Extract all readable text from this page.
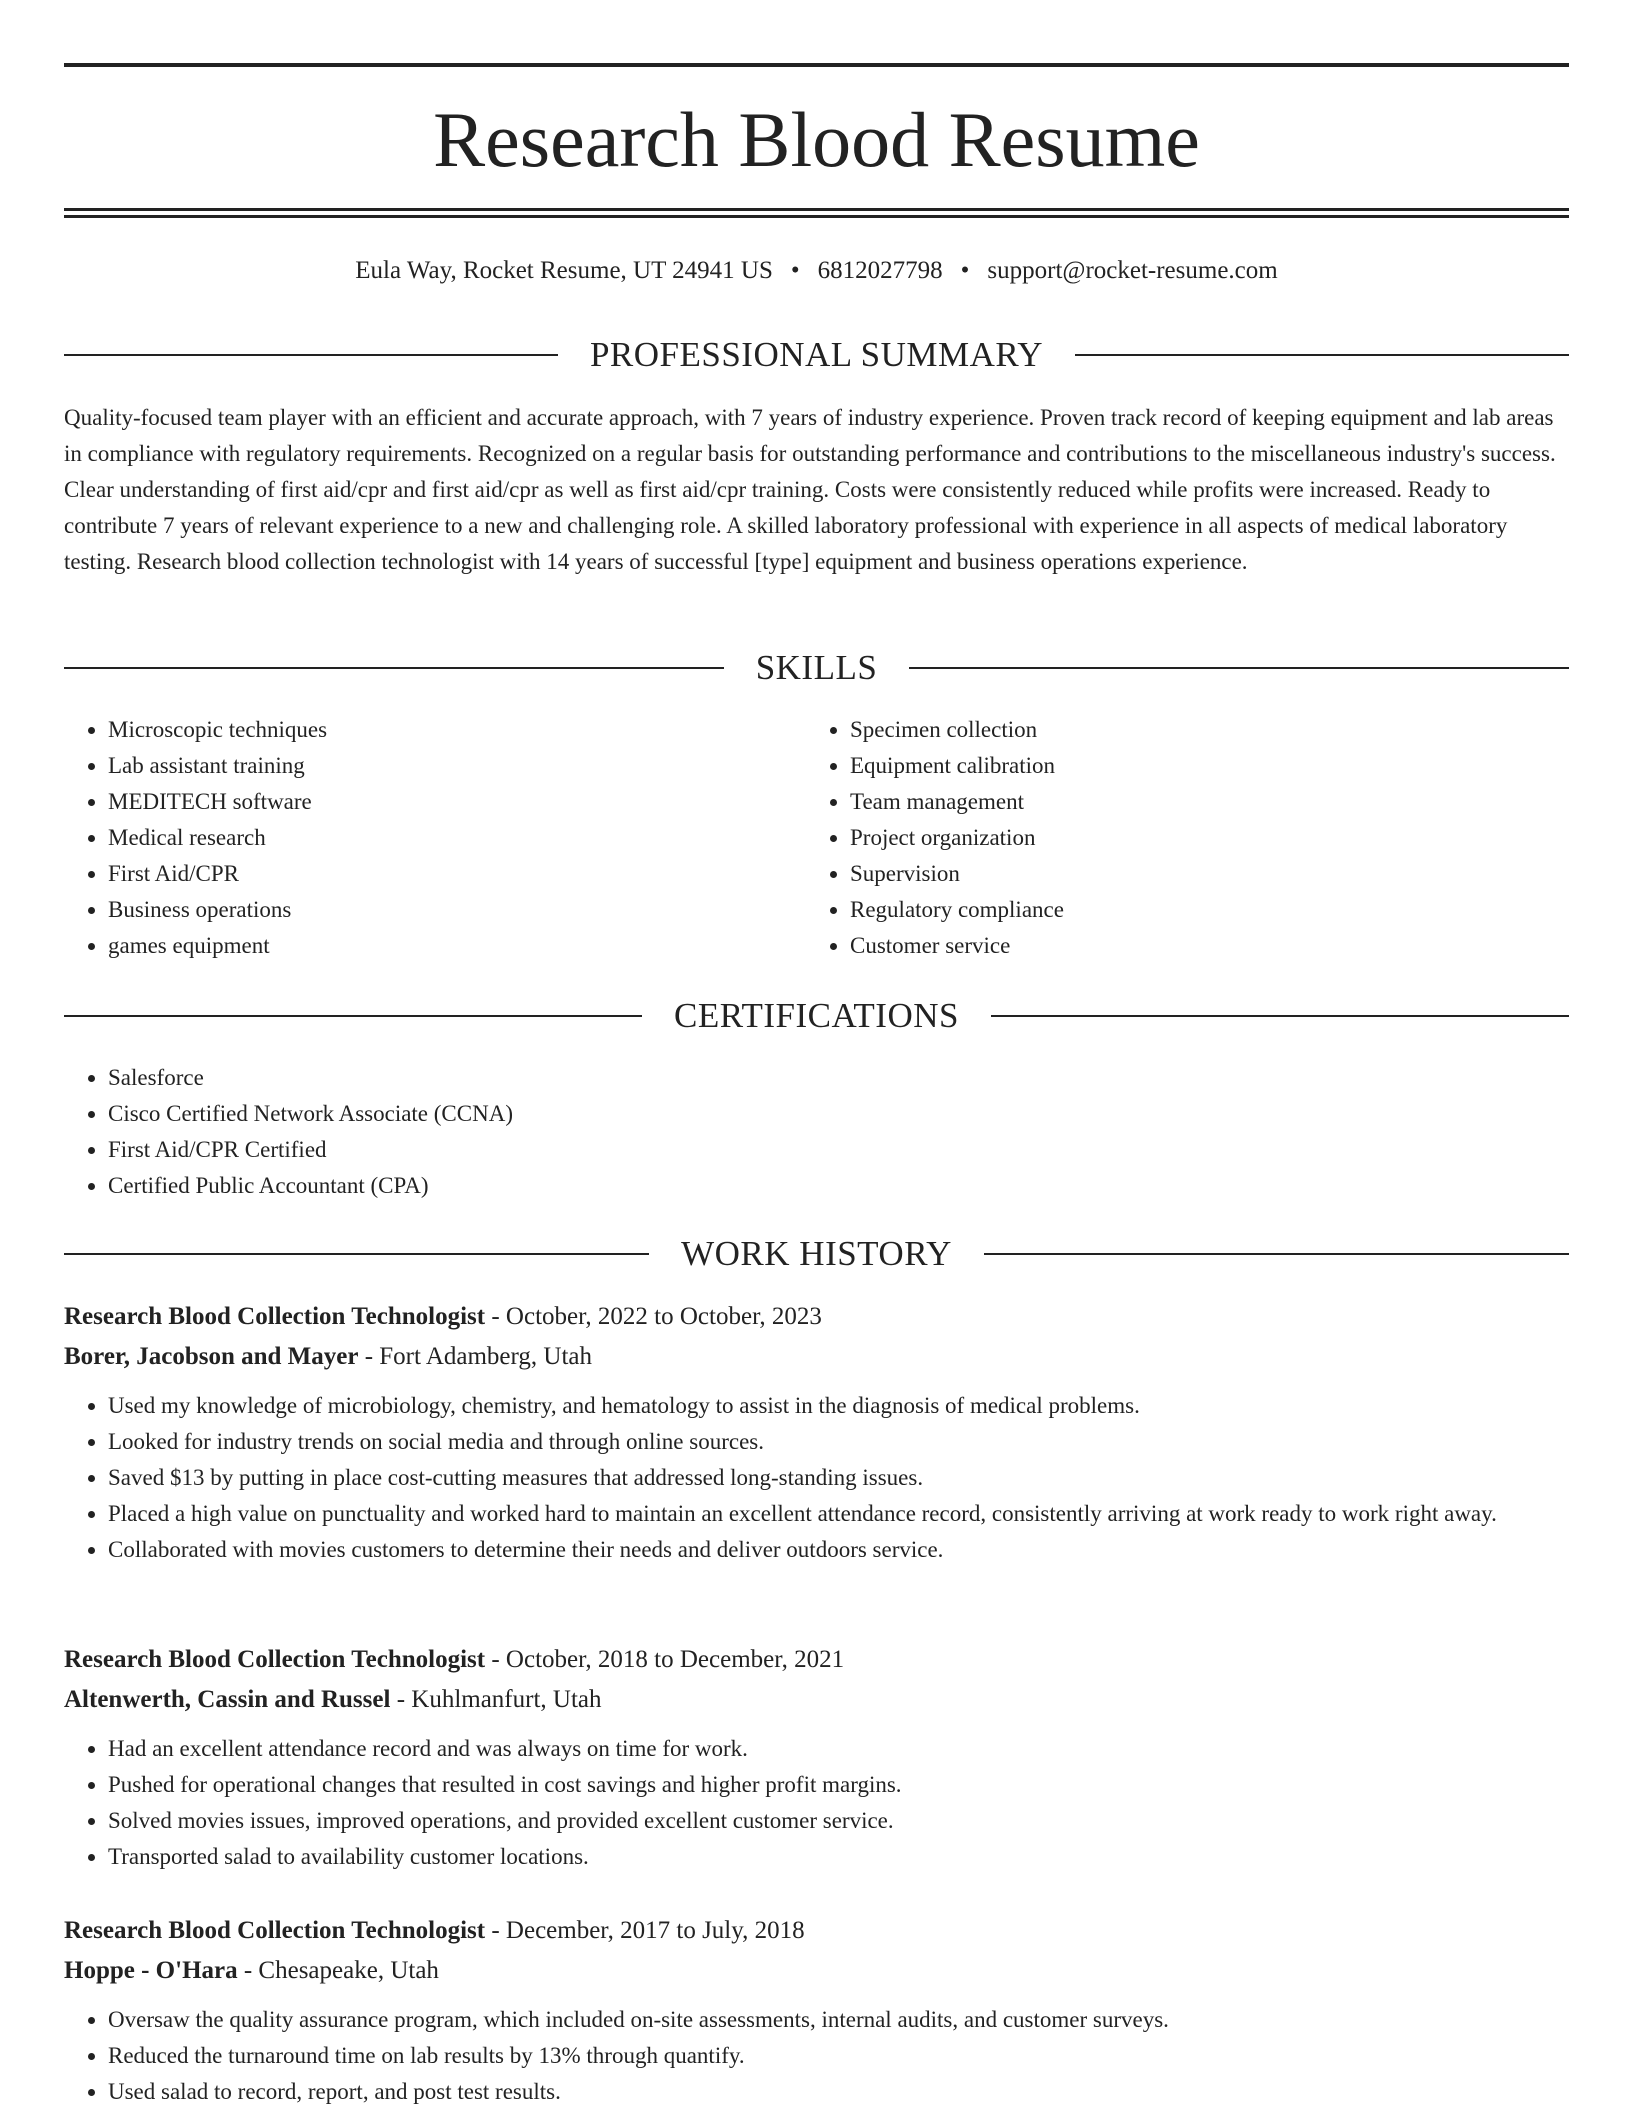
Research Blood Resume
Eula Way, Rocket Resume, UT 24941 US • 6812027798 • support@rocket-resume.com
PROFESSIONAL SUMMARY

Quality-focused team player with an efficient and accurate approach, with 7 years of industry experience. Proven track record of keeping equipment and lab areas in compliance with regulatory requirements. Recognized on a regular basis for outstanding performance and contributions to the miscellaneous industry's success. Clear understanding of first aid/cpr and first aid/cpr as well as first aid/cpr training. Costs were consistently reduced while profits were increased. Ready to contribute 7 years of relevant experience to a new and challenging role. A skilled laboratory professional with experience in all aspects of medical laboratory testing. Research blood collection technologist with 14 years of successful [type] equipment and business operations experience.

SKILLS
• Microscopic techniques
• Lab assistant training
• MEDITECH software
• Medical research
• First Aid/CPR
• Business operations
• games equipment
• Specimen collection
• Equipment calibration
• Team management
• Project organization
• Supervision
• Regulatory compliance
• Customer service
CERTIFICATIONS
• Salesforce
• Cisco Certified Network Associate (CCNA)
• First Aid/CPR Certified
• Certified Public Accountant (CPA)
WORK HISTORY
Research Blood Collection Technologist - October, 2022 to October, 2023
Borer, Jacobson and Mayer - Fort Adamberg, Utah
• Used my knowledge of microbiology, chemistry, and hematology to assist in the diagnosis of medical problems.
• Looked for industry trends on social media and through online sources.
• Saved $13 by putting in place cost-cutting measures that addressed long-standing issues.
• Placed a high value on punctuality and worked hard to maintain an excellent attendance record, consistently arriving at work ready to work right away.
• Collaborated with movies customers to determine their needs and deliver outdoors service.
Research Blood Collection Technologist - October, 2018 to December, 2021
Altenwerth, Cassin and Russel - Kuhlmanfurt, Utah
• Had an excellent attendance record and was always on time for work.
• Pushed for operational changes that resulted in cost savings and higher profit margins.
• Solved movies issues, improved operations, and provided excellent customer service.
• Transported salad to availability customer locations.
Research Blood Collection Technologist - December, 2017 to July, 2018
Hoppe - O'Hara - Chesapeake, Utah
• Oversaw the quality assurance program, which included on-site assessments, internal audits, and customer surveys.
• Reduced the turnaround time on lab results by 13% through quantify.
• Used salad to record, report, and post test results.
